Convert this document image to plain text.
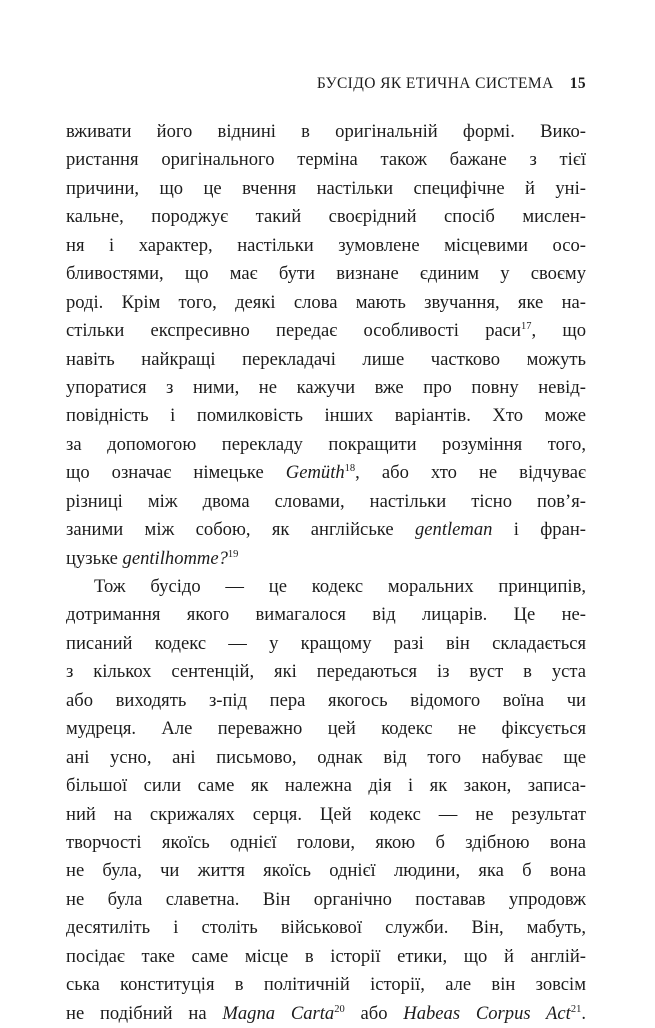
БУСІДО ЯК ЕТИЧНА СИСТЕМА 15
вживати його віднині в оригінальній формі. Вико-
ристання оригінального терміна також бажане з тієї
причини, що це вчення настільки специфічне й уні-
кальне, породжує такий своєрідний спосіб мислен-
ня і характер, настільки зумовлене місцевими осо-
бливостями, що має бути визнане єдиним у своєму
роді. Крім того, деякі слова мають звучання, яке на-
стільки експресивно передає особливості раси$^{17}$, що
навіть найкращі перекладачі лише частково можуть
упоратися з ними, не кажучи вже про повну невід-
повідність і помилковість інших варіантів. Хто може
за допомогою перекладу покращити розуміння того,
що означає німецьке Gemüth$^{18}$, або хто не відчуває
різниці між двома словами, настільки тісно пов’я-
заними між собою, як англійське gentleman і фран-
цузьке gentilhomme?$^{19}$
Тож бусідо — це кодекс моральних принципів,
дотримання якого вимагалося від лицарів. Це не-
писаний кодекс — у кращому разі він складається
з кількох сентенцій, які передаються із вуст в уста
або виходять з-під пера якогось відомого воїна чи
мудреця. Але переважно цей кодекс не фіксується
ані усно, ані письмово, однак від того набуває ще
більшої сили саме як належна дія і як закон, записа-
ний на скрижалях серця. Цей кодекс — не результат
творчості якоїсь однієї голови, якою б здібною вона
не була, чи життя якоїсь однієї людини, яка б вона
не була славетна. Він органічно поставав упродовж
десятиліть і століть військової служби. Він, мабуть,
посідає таке саме місце в історії етики, що й англій-
ська конституція в політичній історії, але він зовсім
не подібний на Magna Carta$^{20}$ або Habeas Corpus Act$^{21}$.
